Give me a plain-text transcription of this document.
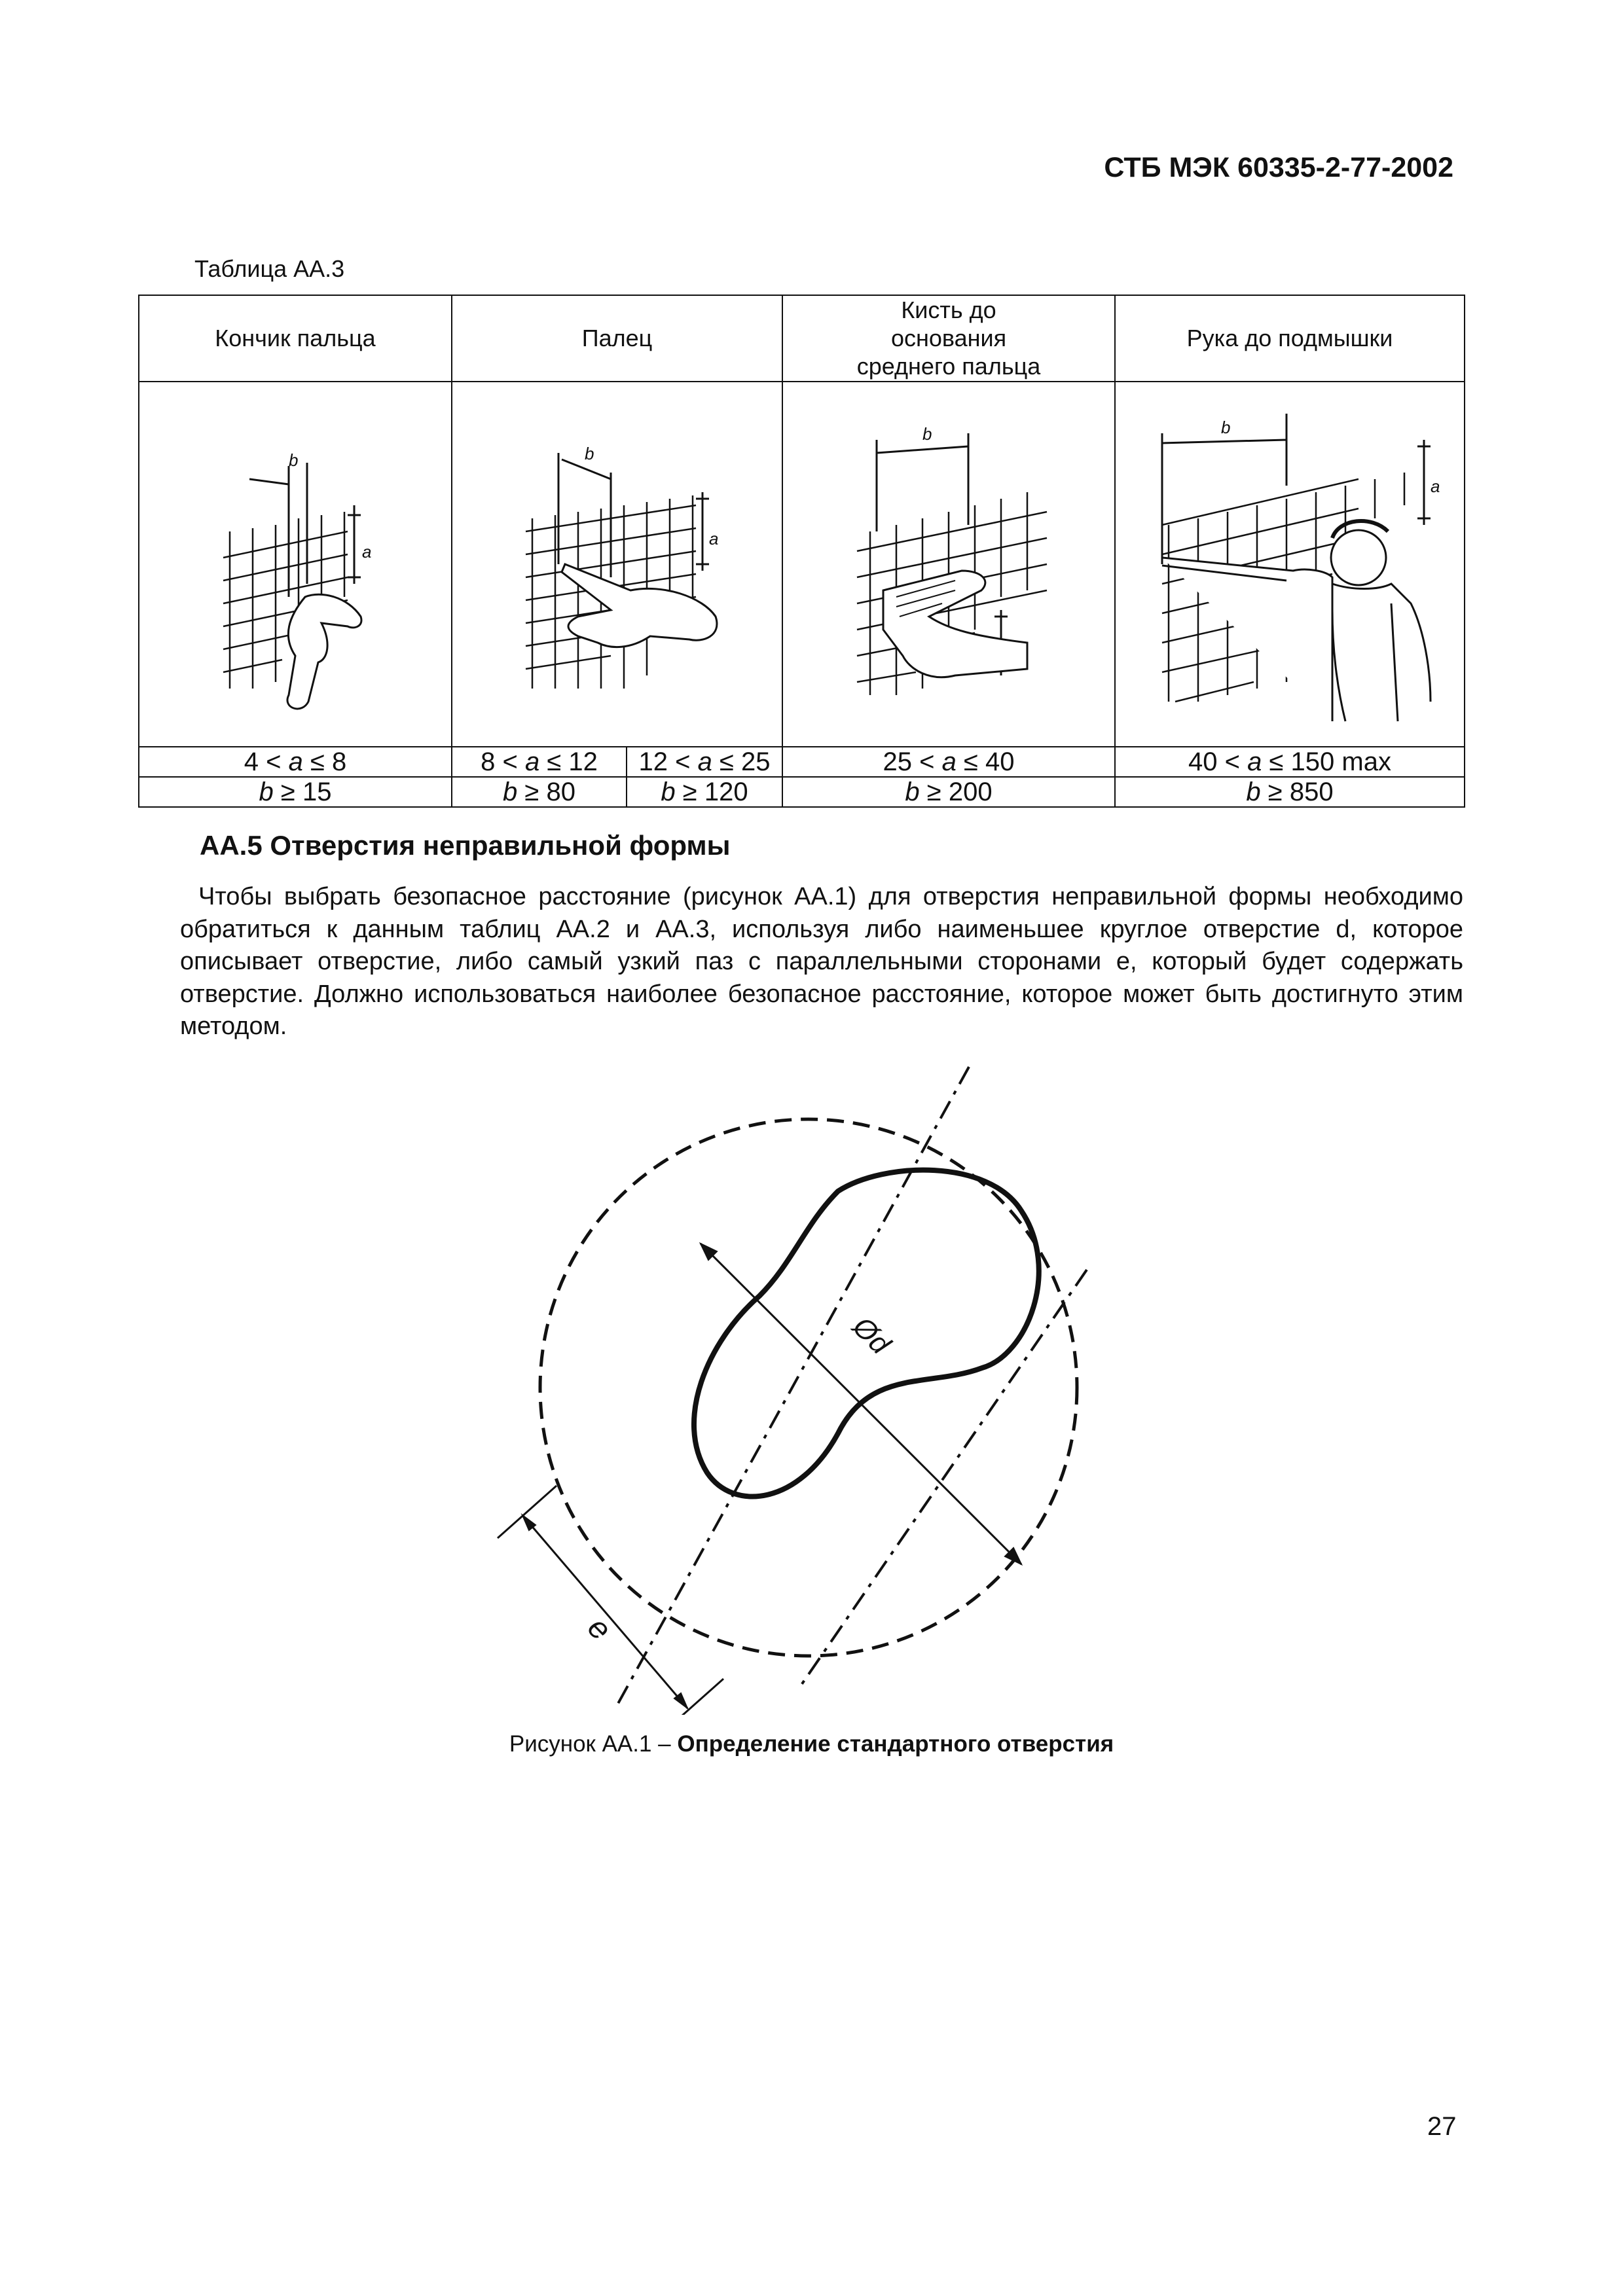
СТБ МЭК 60335-2-77-2002
Таблица АА.3
Кончик пальца	Палец		Кисть до основания среднего пальца	Рука до подмышки

b
a	b
a		b	b
a

4 < a ≤ 8	8 < a ≤ 12	12 < a ≤ 25	25 < a ≤ 40	40 < a ≤ 150 max
b ≥ 15	b ≥ 80	b ≥ 120	b ≥ 200	b ≥ 850
АА.5 Отверстия неправильной формы

Чтобы выбрать безопасное расстояние (рисунок АА.1) для отверстия неправильной формы необходимо обратиться к данным таблиц АА.2 и АА.3, используя либо наименьшее круглое отверстие d, которое описывает отверстие, либо самый узкий паз с параллельными сторонами e, который будет содержать отверстие. Должно использоваться наиболее безопасное расстояние, которое может быть достигнуто этим методом.

Ød
e
Рисунок АА.1 – Определение стандартного отверстия
27
